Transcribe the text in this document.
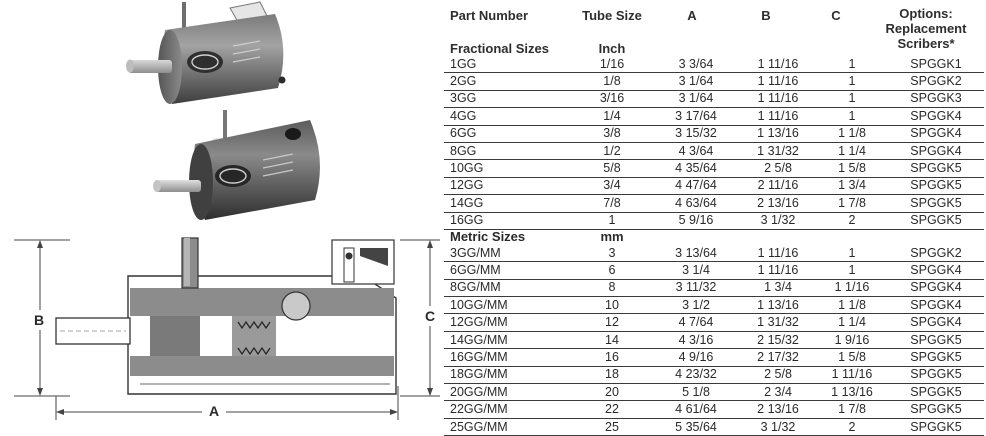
B	C
A
Part Number	Tube Size	A	B	C	Options:
Replacement
Scribers*
Fractional Sizes	Inch
1GG	1/16	3 3/64	1 11/16	1	SPGGK1
2GG	1/8	3 1/64	1 11/16	1	SPGGK2
3GG	3/16	3 1/64	1 11/16	1	SPGGK3
4GG	1/4	3 17/64	1 11/16	1	SPGGK4
6GG	3/8	3 15/32	1 13/16	1 1/8	SPGGK4
8GG	1/2	4 3/64	1 31/32	1 1/4	SPGGK4
10GG	5/8	4 35/64	2 5/8	1 5/8	SPGGK5
12GG	3/4	4 47/64	2 11/16	1 3/4	SPGGK5
14GG	7/8	4 63/64	2 13/16	1 7/8	SPGGK5
16GG	1	5 9/16	3 1/32	2	SPGGK5
Metric Sizes	mm				
3GG/MM	3	3 13/64	1 11/16	1	SPGGK2
6GG/MM	6	3 1/4	1 11/16	1	SPGGK4
8GG/MM	8	3 11/32	1 3/4	1 1/16	SPGGK4
10GG/MM	10	3 1/2	1 13/16	1 1/8	SPGGK4
12GG/MM	12	4 7/64	1 31/32	1 1/4	SPGGK4
14GG/MM	14	4 3/16	2 15/32	1 9/16	SPGGK5
16GG/MM	16	4 9/16	2 17/32	1 5/8	SPGGK5
18GG/MM	18	4 23/32	2 5/8	1 11/16	SPGGK5
20GG/MM	20	5 1/8	2 3/4	1 13/16	SPGGK5
22GG/MM	22	4 61/64	2 13/16	1 7/8	SPGGK5
25GG/MM	25	5 35/64	3 1/32	2	SPGGK5
